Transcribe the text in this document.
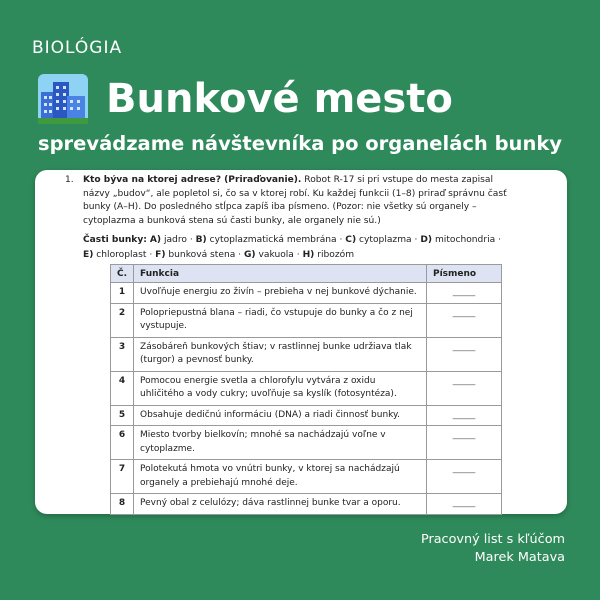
BIOLÓGIA
Bunkové mesto
sprevádzame návštevníka po organelách bunky
1. Kto býva na ktorej adrese? (Priraďovanie). Robot R-17 si pri vstupe do mesta zapisal názvy „budov“, ale popletol si, čo sa v ktorej robí. Ku každej funkcii (1–8) priraď správnu časť bunky (A–H). Do posledného stĺpca zapíš iba písmeno. (Pozor: nie všetky sú organely – cytoplazma a bunková stena sú časti bunky, ale organely nie sú.)
Časti bunky: A) jadro · B) cytoplazmatická membrána · C) cytoplazma · D) mitochondria · E) chloroplast · F) bunková stena · G) vakuola · H) ribozóm
Č.	Funkcia	Písmeno
1	Uvoľňuje energiu zo živín – prebieha v nej bunkové dýchanie.	_____
2	Polopriepustná blana – riadi, čo vstupuje do bunky a čo z nej vystupuje.	_____
3	Zásobáreň bunkových štiav; v rastlinnej bunke udržiava tlak (turgor) a pevnosť bunky.	_____
4	Pomocou energie svetla a chlorofylu vytvára z oxidu uhličitého a vody cukry; uvoľňuje sa kyslík (fotosyntéza).	_____
5	Obsahuje dedičnú informáciu (DNA) a riadi činnosť bunky.	_____
6	Miesto tvorby bielkovín; mnohé sa nachádzajú voľne v cytoplazme.	_____
7	Polotekutá hmota vo vnútri bunky, v ktorej sa nachádzajú organely a prebiehajú mnohé deje.	_____
8	Pevný obal z celulózy; dáva rastlinnej bunke tvar a oporu.	_____
Pracovný list s kľúčom
Marek Matava
